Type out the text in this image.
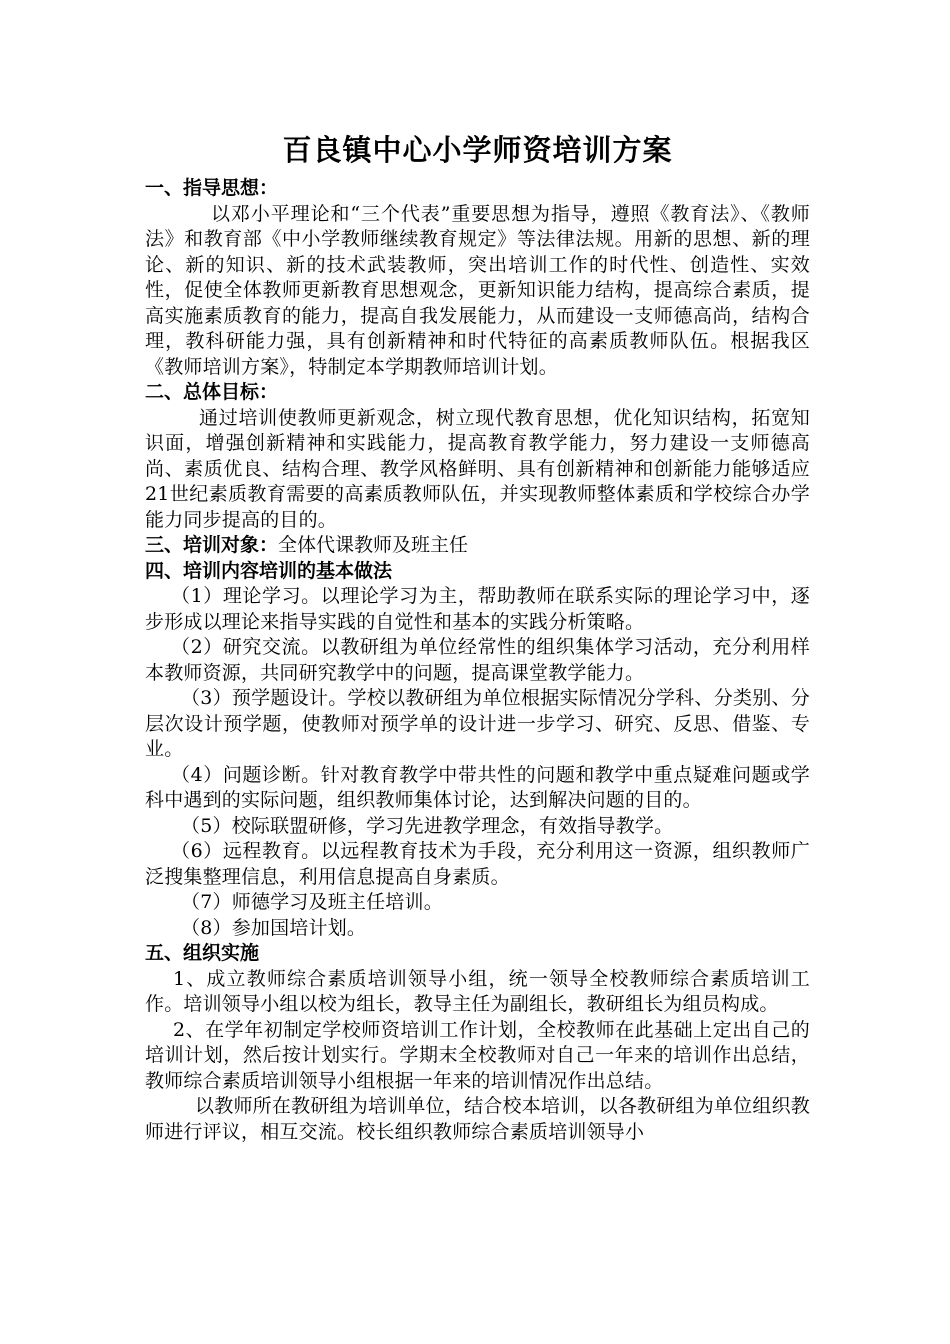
百良镇中心小学师资培训方案
一、指导思想：

以邓小平理论和“三个代表”重要思想为指导，遵照《教育法》、《教师法》和教育部《中小学教师继续教育规定》等法律法规。用新的思想、新的理论、新的知识、新的技术武装教师，突出培训工作的时代性、创造性、实效性，促使全体教师更新教育思想观念，更新知识能力结构，提高综合素质，提高实施素质教育的能力，提高自我发展能力，从而建设一支师德高尚，结构合理，教科研能力强，具有创新精神和时代特征的高素质教师队伍。根据我区《教师培训方案》，特制定本学期教师培训计划。

二、总体目标：

通过培训使教师更新观念，树立现代教育思想，优化知识结构，拓宽知识面，增强创新精神和实践能力，提高教育教学能力，努力建设一支师德高尚、素质优良、结构合理、教学风格鲜明、具有创新精神和创新能力能够适应21世纪素质教育需要的高素质教师队伍，并实现教师整体素质和学校综合办学能力同步提高的目的。

三、培训对象：全体代课教师及班主任
四、培训内容培训的基本做法

（1）理论学习。以理论学习为主，帮助教师在联系实际的理论学习中，逐步形成以理论来指导实践的自觉性和基本的实践分析策略。

（2）研究交流。以教研组为单位经常性的组织集体学习活动，充分利用样本教师资源，共同研究教学中的问题，提高课堂教学能力。

（3）预学题设计。学校以教研组为单位根据实际情况分学科、分类别、分层次设计预学题，使教师对预学单的设计进一步学习、研究、反思、借鉴、专业。

（4）问题诊断。针对教育教学中带共性的问题和教学中重点疑难问题或学科中遇到的实际问题，组织教师集体讨论，达到解决问题的目的。

（5）校际联盟研修，学习先进教学理念，有效指导教学。

（6）远程教育。以远程教育技术为手段，充分利用这一资源，组织教师广泛搜集整理信息，利用信息提高自身素质。

（7）师德学习及班主任培训。

（8）参加国培计划。

五、组织实施

1、成立教师综合素质培训领导小组，统一领导全校教师综合素质培训工作。培训领导小组以校为组长，教导主任为副组长，教研组长为组员构成。

2、在学年初制定学校师资培训工作计划，全校教师在此基础上定出自己的培训计划，然后按计划实行。学期末全校教师对自己一年来的培训作出总结，教师综合素质培训领导小组根据一年来的培训情况作出总结。

以教师所在教研组为培训单位，结合校本培训，以各教研组为单位组织教师进行评议，相互交流。校长组织教师综合素质培训领导小
